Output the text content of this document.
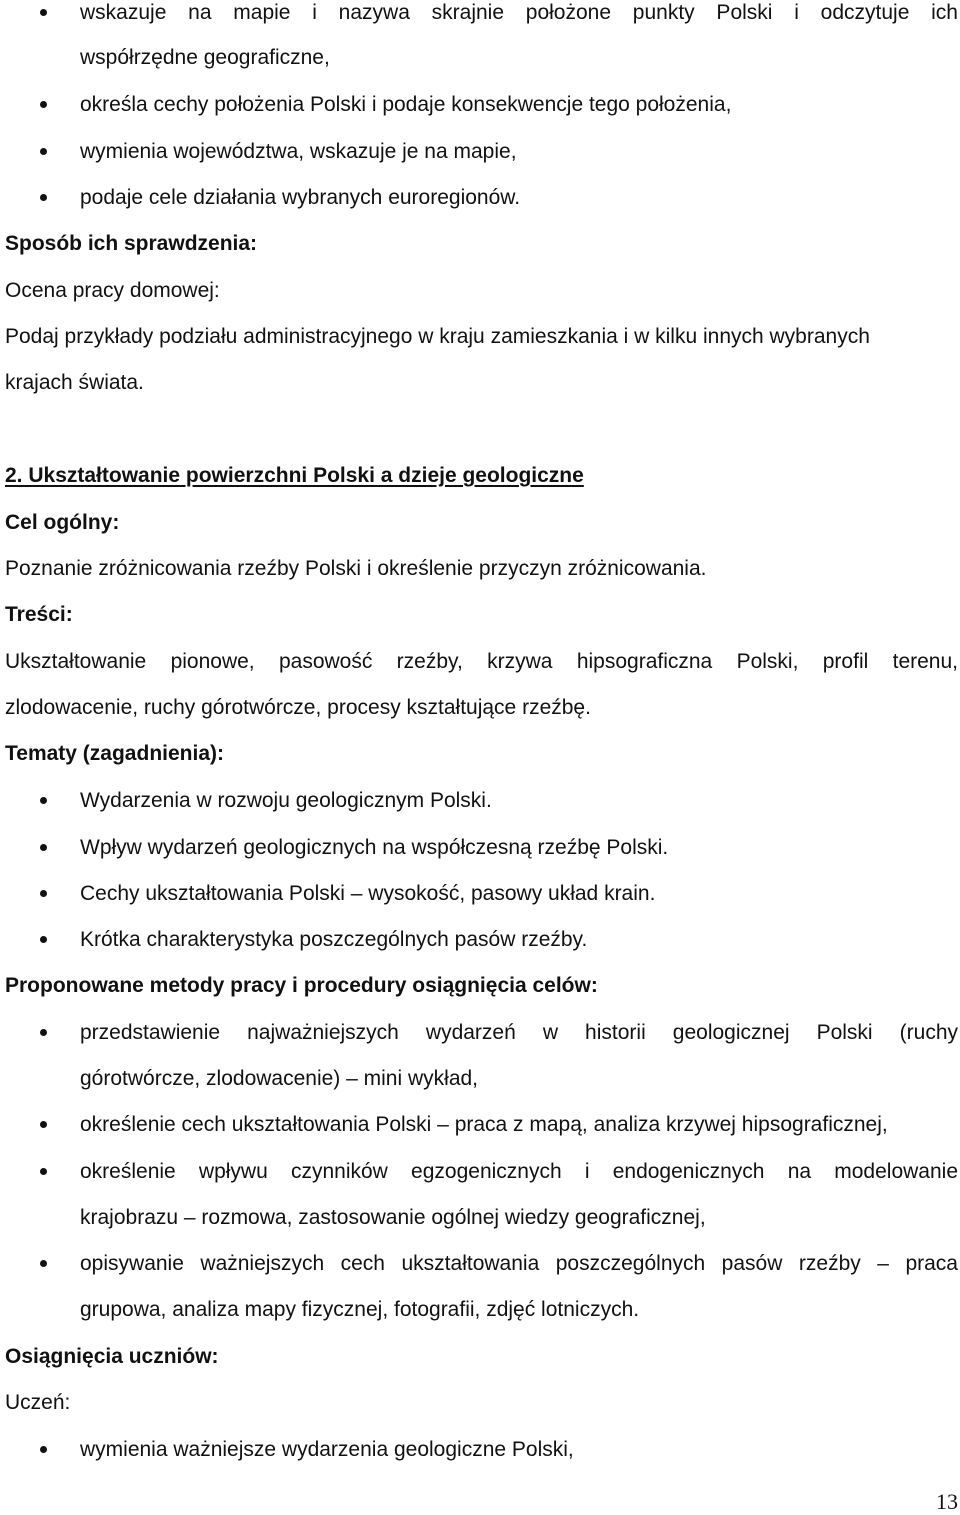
wskazuje na mapie i nazywa skrajnie położone punkty Polski i odczytuje ich
współrzędne geograficzne,
określa cechy położenia Polski i podaje konsekwencje tego położenia,
wymienia województwa, wskazuje je na mapie,
podaje cele działania wybranych euroregionów.
Sposób ich sprawdzenia:
Ocena pracy domowej:
Podaj przykłady podziału administracyjnego w kraju zamieszkania i w kilku innych wybranych
krajach świata.
2. Ukształtowanie powierzchni Polski a dzieje geologiczne
Cel ogólny:
Poznanie zróżnicowania rzeźby Polski i określenie przyczyn zróżnicowania.
Treści:
Ukształtowanie pionowe, pasowość rzeźby, krzywa hipsograficzna Polski, profil terenu,
zlodowacenie, ruchy górotwórcze, procesy kształtujące rzeźbę.
Tematy (zagadnienia):
Wydarzenia w rozwoju geologicznym Polski.
Wpływ wydarzeń geologicznych na współczesną rzeźbę Polski.
Cechy ukształtowania Polski – wysokość, pasowy układ krain.
Krótka charakterystyka poszczególnych pasów rzeźby.
Proponowane metody pracy i procedury osiągnięcia celów:
przedstawienie najważniejszych wydarzeń w historii geologicznej Polski (ruchy
górotwórcze, zlodowacenie) – mini wykład,
określenie cech ukształtowania Polski – praca z mapą, analiza krzywej hipsograficznej,
określenie wpływu czynników egzogenicznych i endogenicznych na modelowanie
krajobrazu – rozmowa, zastosowanie ogólnej wiedzy geograficznej,
opisywanie ważniejszych cech ukształtowania poszczególnych pasów rzeźby – praca
grupowa, analiza mapy fizycznej, fotografii, zdjęć lotniczych.
Osiągnięcia uczniów:
Uczeń:
wymienia ważniejsze wydarzenia geologiczne Polski,
13
